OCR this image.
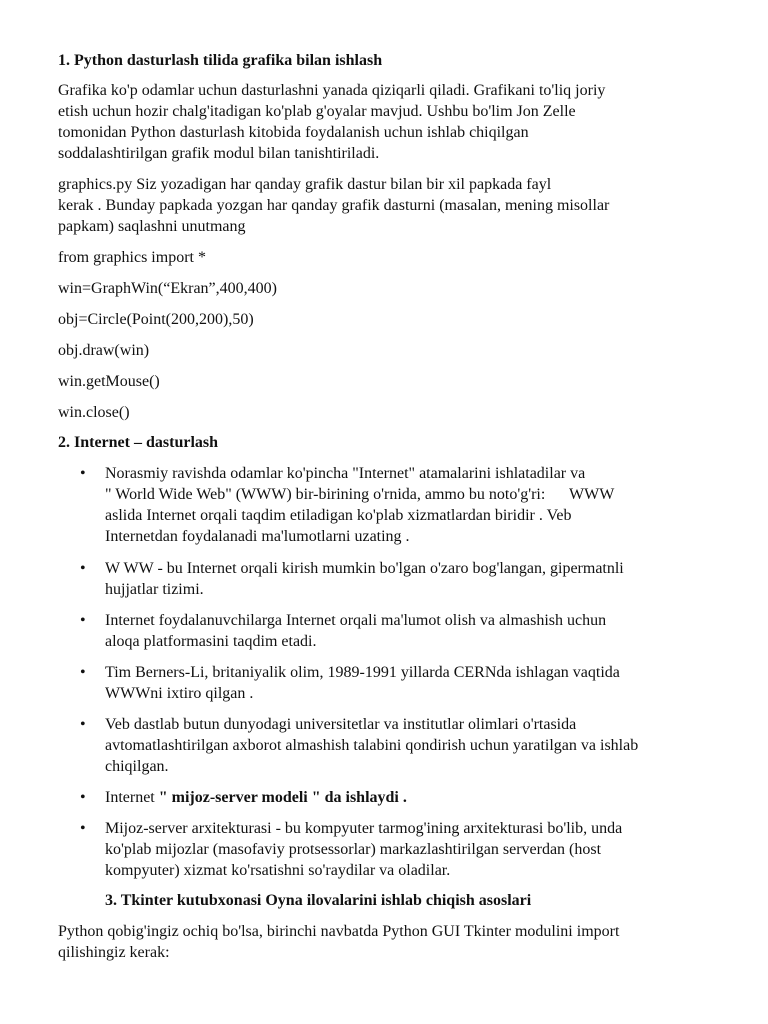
1. Python dasturlash tilida grafika bilan ishlash

Grafika ko'p odamlar uchun dasturlashni yanada qiziqarli qiladi. Grafikani to'liq joriy
etish uchun hozir chalg'itadigan ko'plab g'oyalar mavjud. Ushbu bo'lim Jon Zelle
tomonidan Python dasturlash kitobida foydalanish uchun ishlab chiqilgan
soddalashtirilgan grafik modul bilan tanishtiriladi.
graphics.py Siz yozadigan har qanday grafik dastur bilan bir xil papkada fayl
kerak . Bunday papkada yozgan har qanday grafik dasturni (masalan, mening misollar
papkam) saqlashni unutmang
from graphics import *
win=GraphWin(“Ekran”,400,400)
obj=Circle(Point(200,200),50)
obj.draw(win)
win.getMouse()
win.close()

2. Internet – dasturlash

• Norasmiy ravishda odamlar ko'pincha "Internet" atamalarini ishlatadilar va
" World Wide Web" (WWW) bir-birining o'rnida, ammo bu noto'g'ri:      WWW
aslida Internet orqali taqdim etiladigan ko'plab xizmatlardan biridir . Veb
Internetdan foydalanadi ma'lumotlarni uzating .
• W WW - bu Internet orqali kirish mumkin bo'lgan o'zaro bog'langan, gipermatnli
hujjatlar tizimi.
• Internet foydalanuvchilarga Internet orqali ma'lumot olish va almashish uchun
aloqa platformasini taqdim etadi.
• Tim Berners-Li, britaniyalik olim, 1989-1991 yillarda CERNda ishlagan vaqtida
WWWni ixtiro qilgan .
• Veb dastlab butun dunyodagi universitetlar va institutlar olimlari o'rtasida
avtomatlashtirilgan axborot almashish talabini qondirish uchun yaratilgan va ishlab
chiqilgan.
• Internet " mijoz-server modeli " da ishlaydi .
• Mijoz-server arxitekturasi - bu kompyuter tarmog'ining arxitekturasi bo'lib, unda
ko'plab mijozlar (masofaviy protsessorlar) markazlashtirilgan serverdan (host
kompyuter) xizmat ko'rsatishni so'raydilar va oladilar.

3. Tkinter kutubxonasi Oyna ilovalarini ishlab chiqish asoslari

Python qobig'ingiz ochiq bo'lsa, birinchi navbatda Python GUI Tkinter modulini import
qilishingiz kerak:
